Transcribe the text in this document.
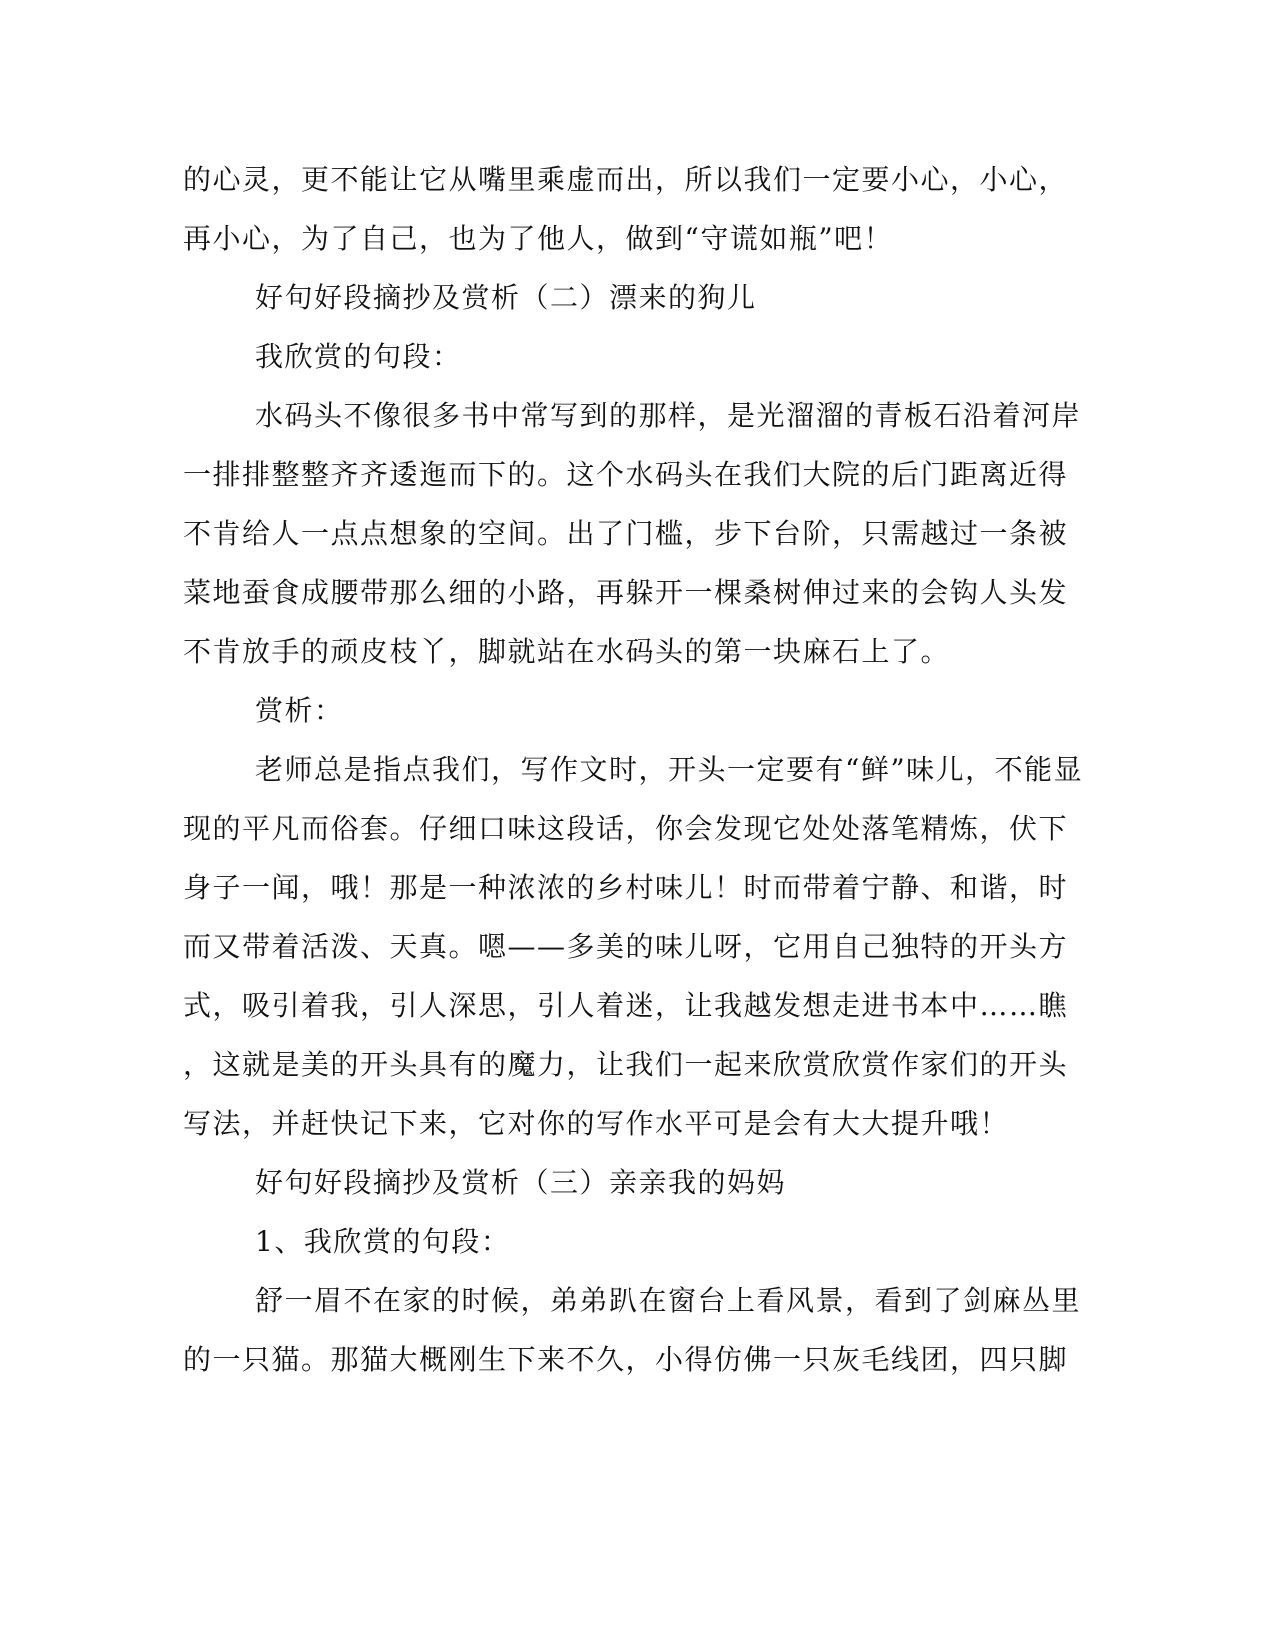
的心灵，更不能让它从嘴里乘虚而出，所以我们一定要小心，小心，
再小心，为了自己，也为了他人，做到“守谎如瓶”吧！
好句好段摘抄及赏析（二）漂来的狗儿
我欣赏的句段：
水码头不像很多书中常写到的那样，是光溜溜的青板石沿着河岸
一排排整整齐齐逶迤而下的。这个水码头在我们大院的后门距离近得
不肯给人一点点想象的空间。出了门槛，步下台阶，只需越过一条被
菜地蚕食成腰带那么细的小路，再躲开一棵桑树伸过来的会钩人头发
不肯放手的顽皮枝丫，脚就站在水码头的第一块麻石上了。
赏析：
老师总是指点我们，写作文时，开头一定要有“鲜”味儿，不能显
现的平凡而俗套。仔细口味这段话，你会发现它处处落笔精炼，伏下
身子一闻，哦！那是一种浓浓的乡村味儿！时而带着宁静、和谐，时
而又带着活泼、天真。嗯——多美的味儿呀，它用自己独特的开头方
式，吸引着我，引人深思，引人着迷，让我越发想走进书本中……瞧
，这就是美的开头具有的魔力，让我们一起来欣赏欣赏作家们的开头
写法，并赶快记下来，它对你的写作水平可是会有大大提升哦！
好句好段摘抄及赏析（三）亲亲我的妈妈
1、我欣赏的句段：
舒一眉不在家的时候，弟弟趴在窗台上看风景，看到了剑麻丛里
的一只猫。那猫大概刚生下来不久，小得仿佛一只灰毛线团，四只脚
